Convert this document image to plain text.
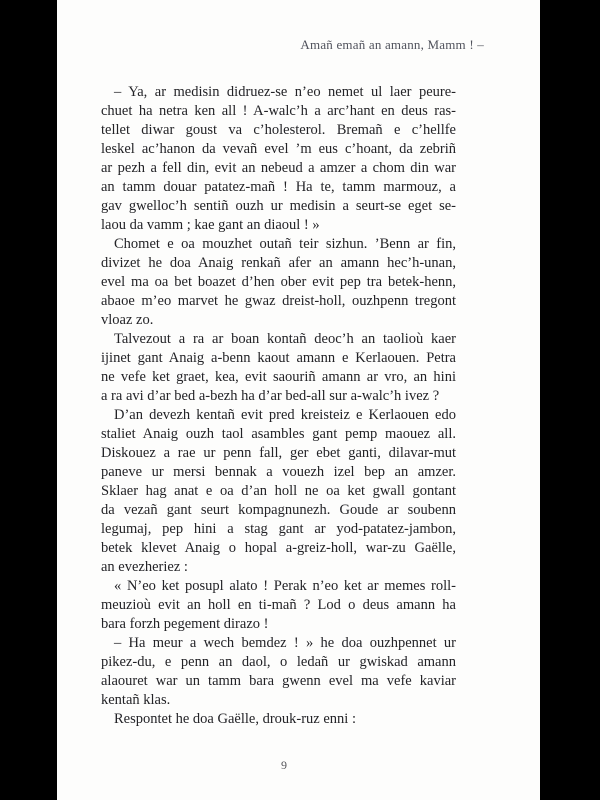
Amañ emañ an amann, Mamm ! –
– Ya, ar medisin didruez-se n’eo nemet ul laer peure-
chuet ha netra ken all ! A-walc’h a arc’hant en deus ras-
tellet diwar goust va c’holesterol. Bremañ e c’hellfe
leskel ac’hanon da vevañ evel ’m eus c’hoant, da zebriñ
ar pezh a fell din, evit an nebeud a amzer a chom din war
an tamm douar patatez-mañ ! Ha te, tamm marmouz, a
gav gwelloc’h sentiñ ouzh ur medisin a seurt-se eget se-
laou da vamm ; kae gant an diaoul ! »
Chomet e oa mouzhet outañ teir sizhun. ’Benn ar fin,
divizet he doa Anaig renkañ afer an amann hec’h-unan,
evel ma oa bet boazet d’hen ober evit pep tra betek-henn,
abaoe m’eo marvet he gwaz dreist-holl, ouzhpenn tregont
vloaz zo.
Talvezout a ra ar boan kontañ deoc’h an taolioù kaer
ijinet gant Anaig a-benn kaout amann e Kerlaouen. Petra
ne vefe ket graet, kea, evit saouriñ amann ar vro, an hini
a ra avi d’ar bed a-bezh ha d’ar bed-all sur a-walc’h ivez ?
D’an devezh kentañ evit pred kreisteiz e Kerlaouen edo
staliet Anaig ouzh taol asambles gant pemp maouez all.
Diskouez a rae ur penn fall, ger ebet ganti, dilavar-mut
paneve ur mersi bennak a vouezh izel bep an amzer.
Sklaer hag anat e oa d’an holl ne oa ket gwall gontant
da vezañ gant seurt kompagnunezh. Goude ar soubenn
legumaj, pep hini a stag gant ar yod-patatez-jambon,
betek klevet Anaig o hopal a-greiz-holl, war-zu Gaëlle,
an evezheriez :
« N’eo ket posupl alato ! Perak n’eo ket ar memes roll-
meuzioù evit an holl en ti-mañ ? Lod o deus amann ha
bara forzh pegement dirazo !
– Ha meur a wech bemdez ! » he doa ouzhpennet ur
pikez-du, e penn an daol, o ledañ ur gwiskad amann
alaouret war un tamm bara gwenn evel ma vefe kaviar
kentañ klas.
Respontet he doa Gaëlle, drouk-ruz enni :
9
